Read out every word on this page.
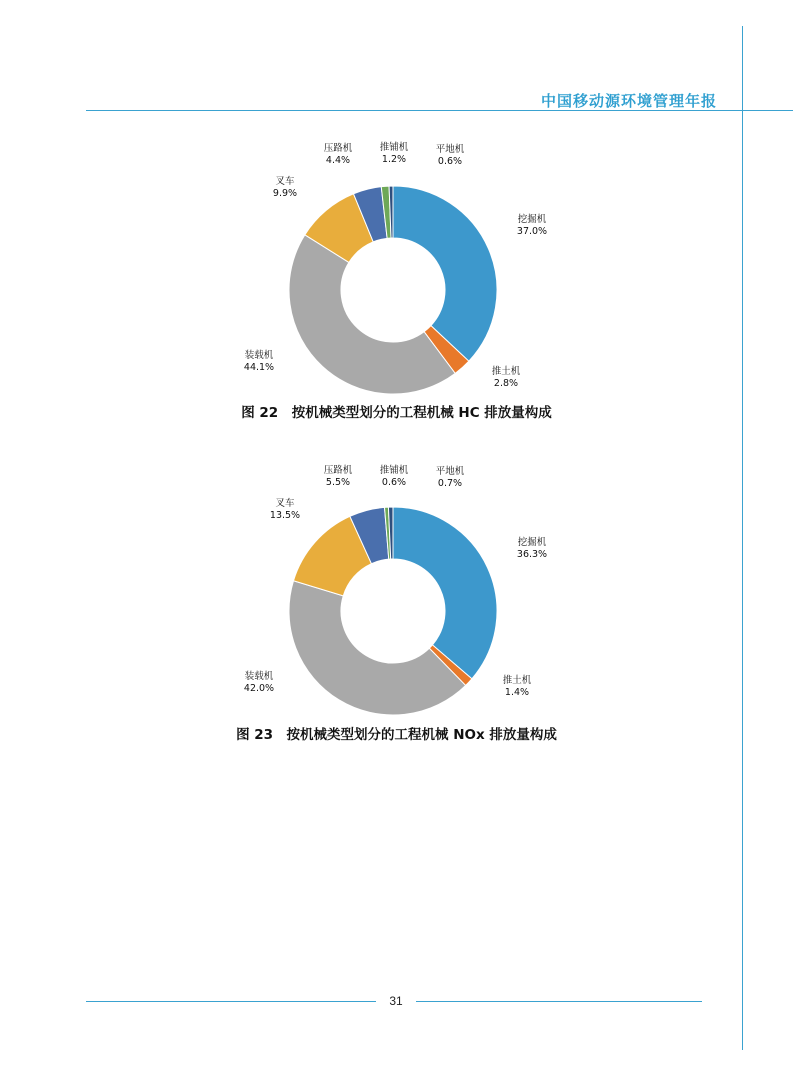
中国移动源环境管理年报
挖掘机
37.0%
推土机
2.8%
装载机
44.1%
叉车
9.9%
压路机
4.4%
推铺机
1.2%
平地机
0.6%
图 22　按机械类型划分的工程机械 HC 排放量构成
挖掘机
36.3%
推土机
1.4%
装载机
42.0%
叉车
13.5%
压路机
5.5%
推铺机
0.6%
平地机
0.7%
图 23　按机械类型划分的工程机械 NOx 排放量构成
31
